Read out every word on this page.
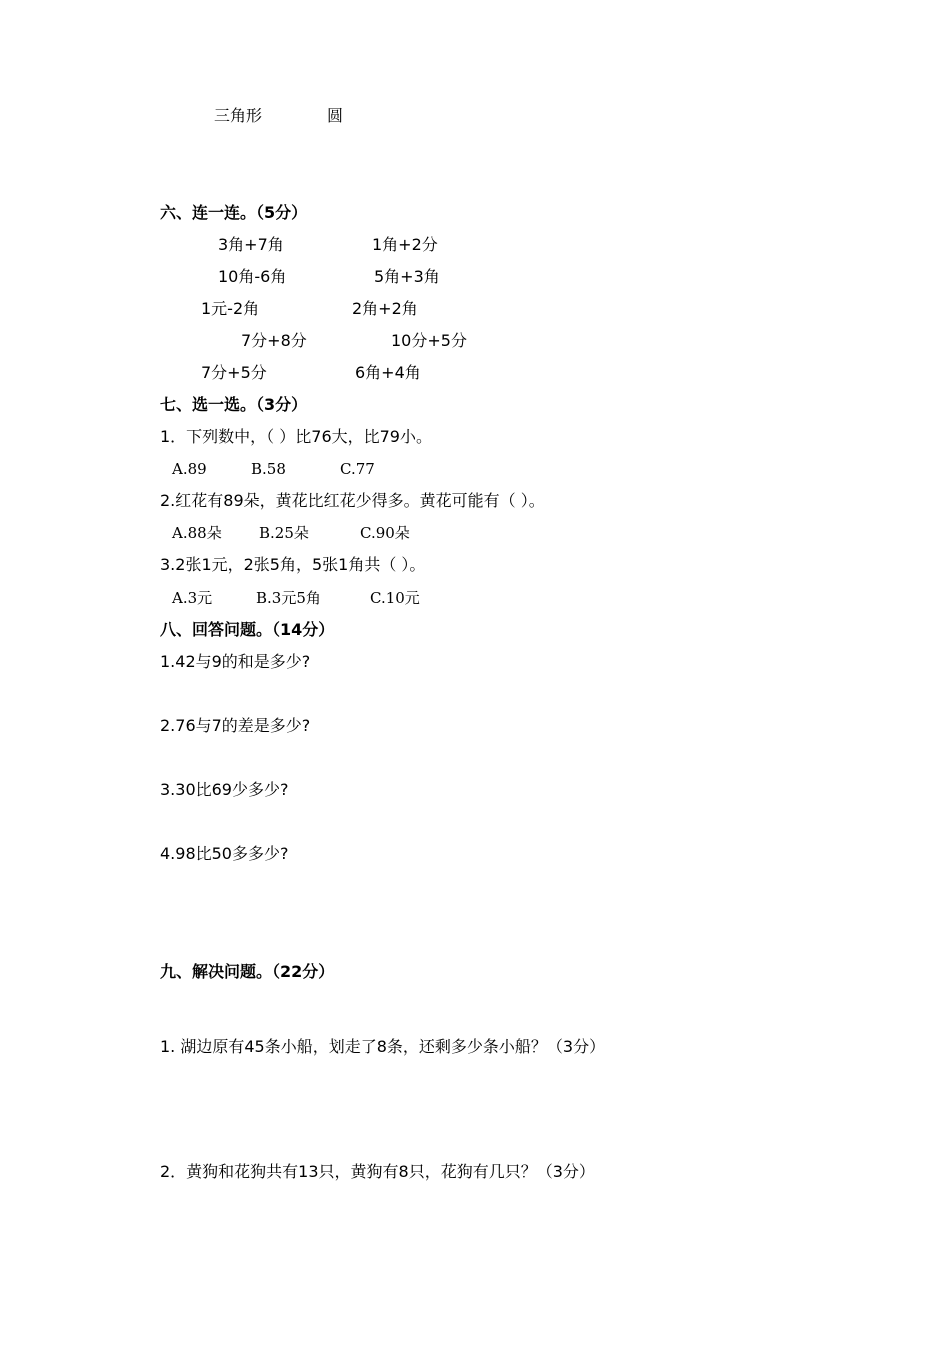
三角形	圆
六、连一连。（5分）
3角+7角	1角+2分
10角-6角	5角+3角
1元-2角	2角+2角
7分+8分	10分+5分
7分+5分	6角+4角
七、选一选。（3分）
1．下列数中，（ ）比76大，比79小。
A.89	B.58	C.77
2.红花有89朵，黄花比红花少得多。黄花可能有（ ）。
A.88朵 B.25朵	C.90朵
3.2张1元，2张5角，5张1角共（ ）。
A.3元	B.3元5角	C.10元
八、回答问题。（14分）
1.42与9的和是多少?
2.76与7的差是多少?
3.30比69少多少?
4.98比50多多少?
九、解决问题。（22分）
1. 湖边原有45条小船，划走了8条，还剩多少条小船？（3分）
2．黄狗和花狗共有13只，黄狗有8只，花狗有几只？（3分）
